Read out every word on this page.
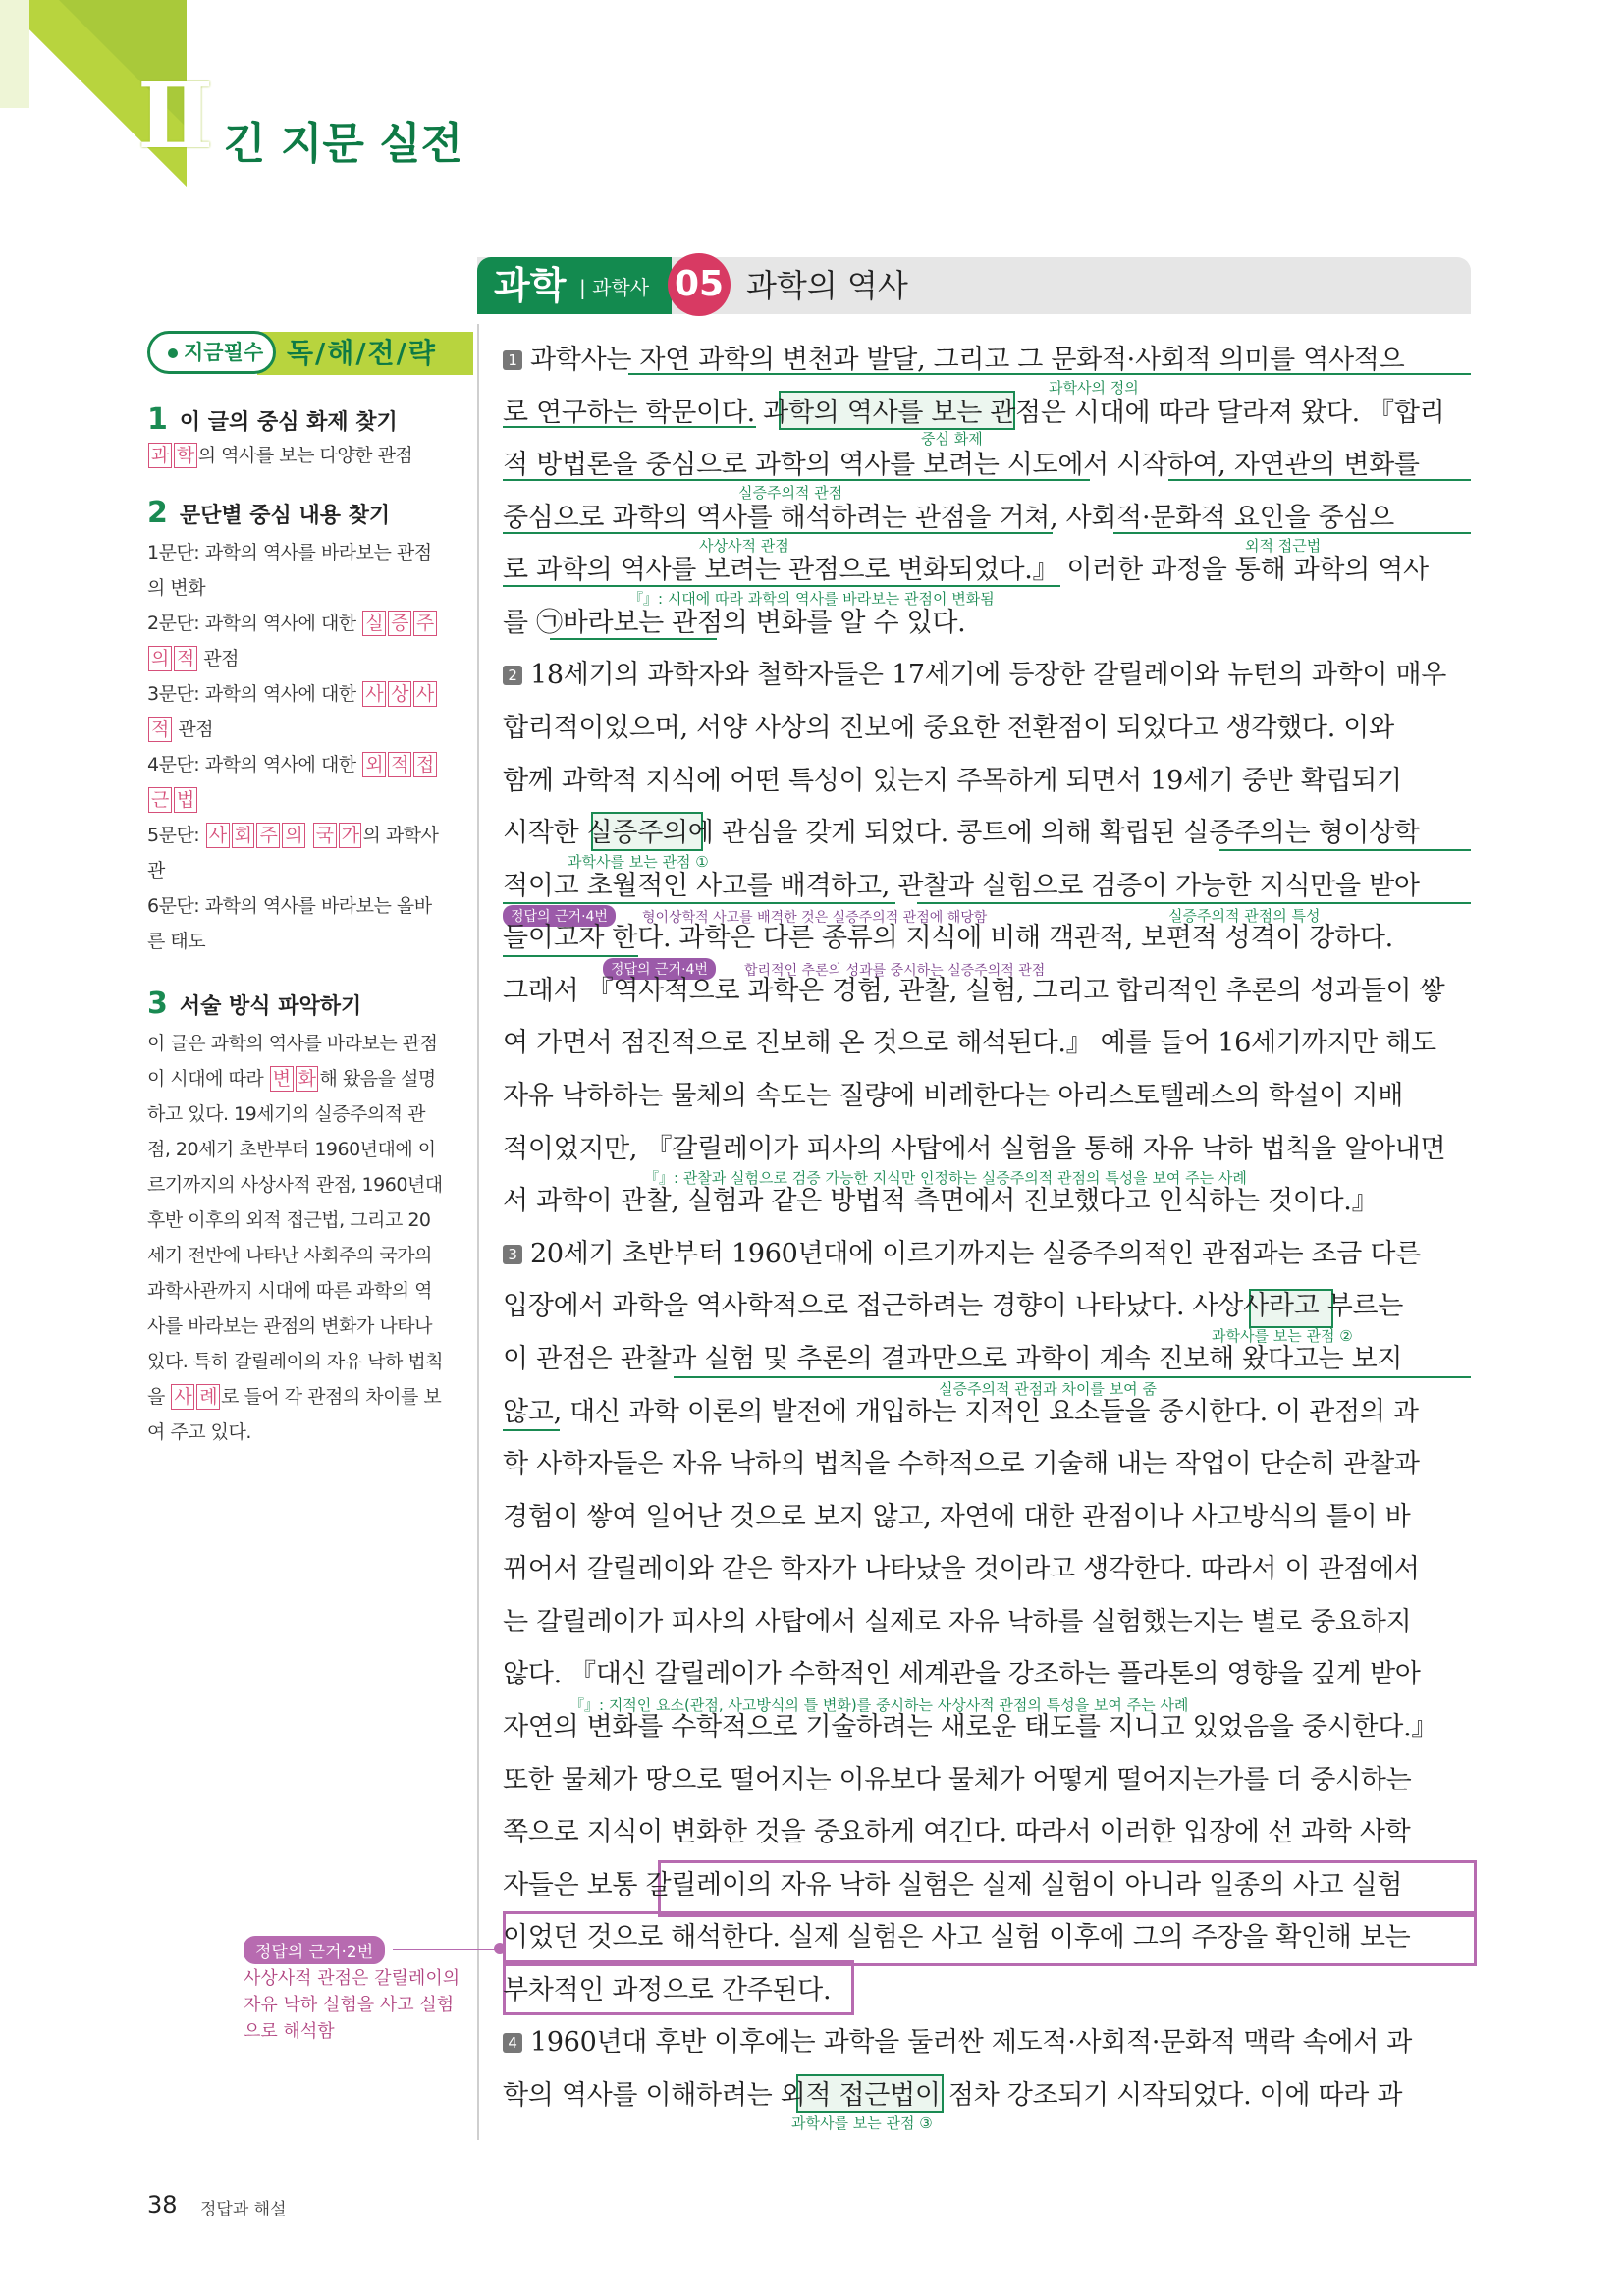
Ⅱ 긴 지문 실전
과학 | 과학사 05 과학의 역사
지금필수 독/해/전/략
1 이 글의 중심 화제 찾기
과 학 의 역사를 보는 다양한 관점
2 문단별 중심 내용 찾기
1문단: 과학의 역사를 바라보는 관점의 변화
2문단: 과학의 역사에 대한 실 증 주의 적 관점
3문단: 과학의 역사에 대한 사 상 사적 관점
4문단: 과학의 역사에 대한 외 적 접근 법
5문단: 사 회 주 의 국 가 의 과학사관
6문단: 과학의 역사를 바라보는 올바른 태도
3 서술 방식 파악하기
이 글은 과학의 역사를 바라보는 관점이 시대에 따라 변 화 해 왔음을 설명하고 있다. 19세기의 실증주의적 관점, 20세기 초반부터 1960년대에 이르기까지의 사상사적 관점, 1960년대 후반 이후의 외적 접근법, 그리고 20세기 전반에 나타난 사회주의 국가의 과학사관까지 시대에 따른 과학의 역사를 바라보는 관점의 변화가 나타나 있다. 특히 갈릴레이의 자유 낙하 법칙을 사 례 로 들어 각 관점의 차이를 보여 주고 있다.
정답의 근거·2번
사상사적 관점은 갈릴레이의 자유 낙하 실험을 사고 실험으로 해석함
과학사의 정의
중심 화제
실증주의적 관점
사상사적 관점	외적 접근법
『』: 시대에 따라 과학의 역사를 바라보는 관점이 변화됨
과학사를 보는 관점 ①
실증주의적 관점의 특성
『』: 관찰과 실험으로 검증 가능한 지식만 인정하는 실증주의적 관점의 특성을 보여 주는 사례
과학사를 보는 관점 ②
실증주의적 관점과 차이를 보여 줌
『』: 지적인 요소(관점, 사고방식의 틀 변화)를 중시하는 사상사적 관점의 특성을 보여 주는 사례
과학사를 보는 관점 ③
정답의 근거·4번	형이상학적 사고를 배격한 것은 실증주의적 관점에 해당함
정답의 근거·4번	합리적인 추론의 성과를 중시하는 실증주의적 관점
1 과학사는 자연 과학의 변천과 발달, 그리고 그 문화적·사회적 의미를 역사적으
로 연구하는 학문이다. 과학의 역사를 보는 관점은 시대에 따라 달라져 왔다. 『합리
적 방법론을 중심으로 과학의 역사를 보려는 시도에서 시작하여, 자연관의 변화를
중심으로 과학의 역사를 해석하려는 관점을 거쳐, 사회적·문화적 요인을 중심으
로 과학의 역사를 보려는 관점으로 변화되었다.』 이러한 과정을 통해 과학의 역사
를 ㉠바라보는 관점의 변화를 알 수 있다.
2 18세기의 과학자와 철학자들은 17세기에 등장한 갈릴레이와 뉴턴의 과학이 매우
합리적이었으며, 서양 사상의 진보에 중요한 전환점이 되었다고 생각했다. 이와
함께 과학적 지식에 어떤 특성이 있는지 주목하게 되면서 19세기 중반 확립되기
시작한 실증주의에 관심을 갖게 되었다. 콩트에 의해 확립된 실증주의는 형이상학
적이고 초월적인 사고를 배격하고, 관찰과 실험으로 검증이 가능한 지식만을 받아
들이고자 한다. 과학은 다른 종류의 지식에 비해 객관적, 보편적 성격이 강하다.
그래서 『역사적으로 과학은 경험, 관찰, 실험, 그리고 합리적인 추론의 성과들이 쌓
여 가면서 점진적으로 진보해 온 것으로 해석된다.』 예를 들어 16세기까지만 해도
자유 낙하하는 물체의 속도는 질량에 비례한다는 아리스토텔레스의 학설이 지배
적이었지만, 『갈릴레이가 피사의 사탑에서 실험을 통해 자유 낙하 법칙을 알아내면
서 과학이 관찰, 실험과 같은 방법적 측면에서 진보했다고 인식하는 것이다.』
3 20세기 초반부터 1960년대에 이르기까지는 실증주의적인 관점과는 조금 다른
입장에서 과학을 역사학적으로 접근하려는 경향이 나타났다. 사상사라고 부르는
이 관점은 관찰과 실험 및 추론의 결과만으로 과학이 계속 진보해 왔다고는 보지
않고, 대신 과학 이론의 발전에 개입하는 지적인 요소들을 중시한다. 이 관점의 과
학 사학자들은 자유 낙하의 법칙을 수학적으로 기술해 내는 작업이 단순히 관찰과
경험이 쌓여 일어난 것으로 보지 않고, 자연에 대한 관점이나 사고방식의 틀이 바
뀌어서 갈릴레이와 같은 학자가 나타났을 것이라고 생각한다. 따라서 이 관점에서
는 갈릴레이가 피사의 사탑에서 실제로 자유 낙하를 실험했는지는 별로 중요하지
않다. 『대신 갈릴레이가 수학적인 세계관을 강조하는 플라톤의 영향을 깊게 받아
자연의 변화를 수학적으로 기술하려는 새로운 태도를 지니고 있었음을 중시한다.』
또한 물체가 땅으로 떨어지는 이유보다 물체가 어떻게 떨어지는가를 더 중시하는
쪽으로 지식이 변화한 것을 중요하게 여긴다. 따라서 이러한 입장에 선 과학 사학
자들은 보통 갈릴레이의 자유 낙하 실험은 실제 실험이 아니라 일종의 사고 실험
이었던 것으로 해석한다. 실제 실험은 사고 실험 이후에 그의 주장을 확인해 보는
부차적인 과정으로 간주된다.
4 1960년대 후반 이후에는 과학을 둘러싼 제도적·사회적·문화적 맥락 속에서 과
학의 역사를 이해하려는 외적 접근법이 점차 강조되기 시작되었다. 이에 따라 과
38 정답과 해설
